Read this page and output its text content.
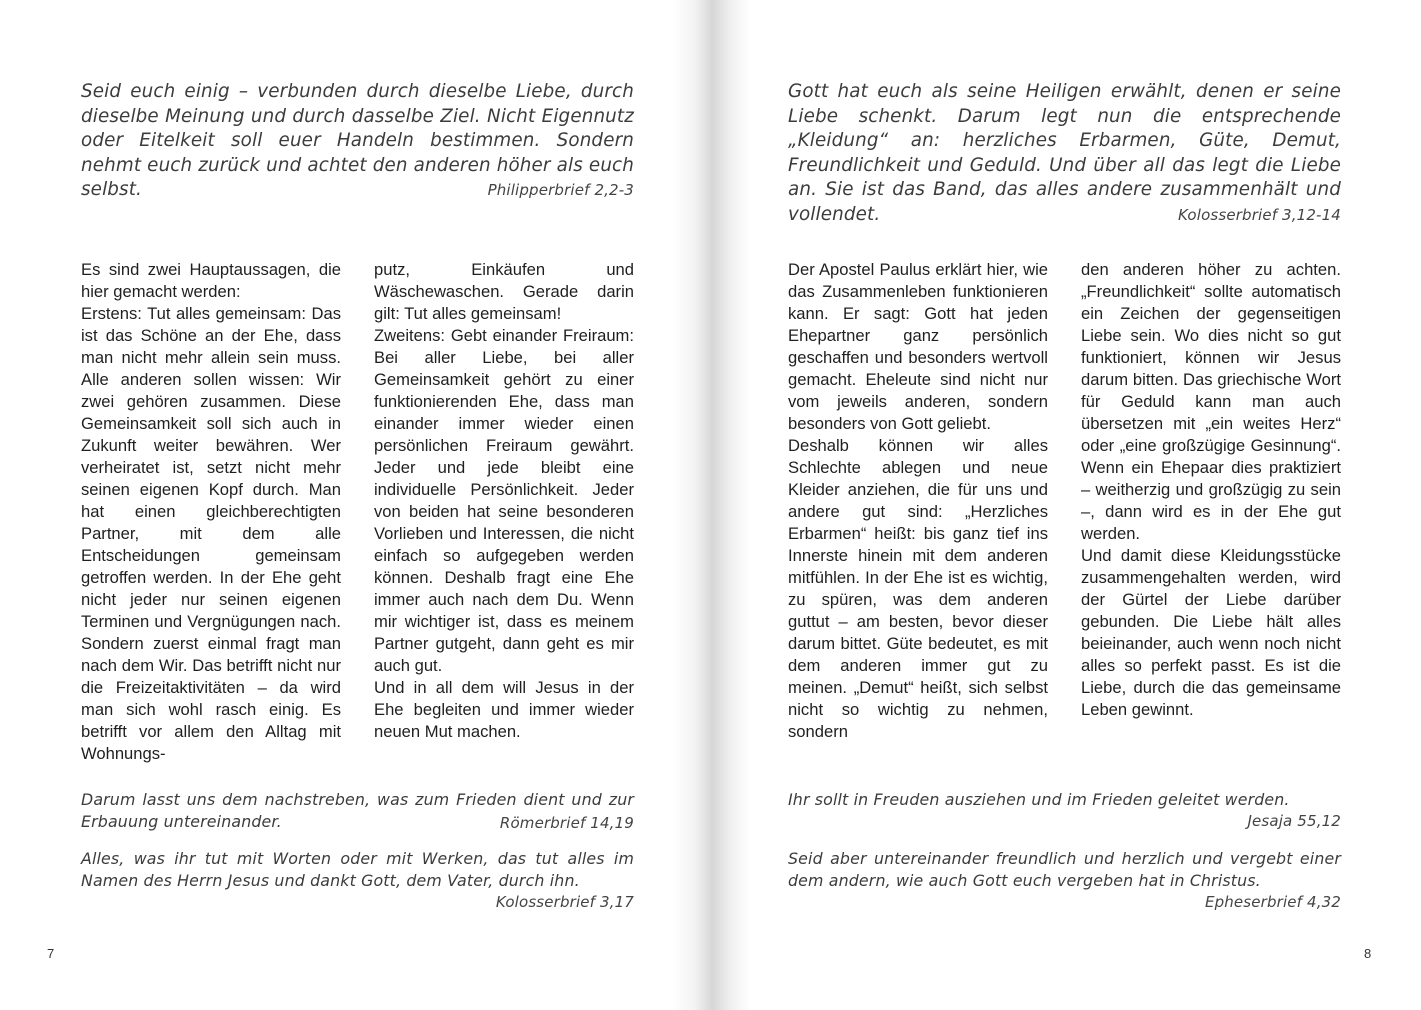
Seid euch einig – verbunden durch dieselbe Liebe, durch dieselbe Meinung und durch dasselbe Ziel. Nicht Eigennutz oder Eitelkeit soll euer Handeln bestimmen. Sondern nehmt euch zurück und achtet den anderen höher als euch selbst.	Philipperbrief 2,2-3

Es sind zwei Hauptaussagen, die hier gemacht werden:

Erstens: Tut alles gemeinsam: Das ist das Schöne an der Ehe, dass man nicht mehr allein sein muss. Alle anderen sollen wissen: Wir zwei gehören zusammen. Diese Gemeinsamkeit soll sich auch in Zukunft weiter bewähren. Wer verheiratet ist, setzt nicht mehr seinen eigenen Kopf durch. Man hat einen gleichberechtigten Partner, mit dem alle Entscheidungen gemeinsam getroffen werden. In der Ehe geht nicht jeder nur seinen eigenen Terminen und Vergnügungen nach. Sondern zuerst einmal fragt man nach dem Wir. Das betrifft nicht nur die Freizeitaktivitäten – da wird man sich wohl rasch einig. Es betrifft vor allem den Alltag mit Wohnungs-

putz, Einkäufen und Wäschewaschen. Gerade darin gilt: Tut alles gemeinsam!

Zweitens: Gebt einander Freiraum: Bei aller Liebe, bei aller Gemeinsamkeit gehört zu einer funktionierenden Ehe, dass man einander immer wieder einen persönlichen Freiraum gewährt. Jeder und jede bleibt eine individuelle Persönlichkeit. Jeder von beiden hat seine besonderen Vorlieben und Interessen, die nicht einfach so aufgegeben werden können. Deshalb fragt eine Ehe immer auch nach dem Du. Wenn mir wichtiger ist, dass es meinem Partner gutgeht, dann geht es mir auch gut.

Und in all dem will Jesus in der Ehe begleiten und immer wieder neuen Mut machen.

Darum lasst uns dem nachstreben, was zum Frieden dient und zur Erbauung untereinander.	Römerbrief 14,19
Alles, was ihr tut mit Worten oder mit Werken, das tut alles im Namen des Herrn Jesus und dankt Gott, dem Vater, durch ihn.
Kolosserbrief 3,17
7
Gott hat euch als seine Heiligen erwählt, denen er seine Liebe schenkt. Darum legt nun die entsprechende „Kleidung“ an: herzliches Erbarmen, Güte, Demut, Freundlichkeit und Geduld. Und über all das legt die Liebe an. Sie ist das Band, das alles andere zusammenhält und vollendet.	Kolosserbrief 3,12-14

Der Apostel Paulus erklärt hier, wie das Zusammenleben funktionieren kann. Er sagt: Gott hat jeden Ehepartner ganz persönlich geschaffen und besonders wertvoll gemacht. Eheleute sind nicht nur vom jeweils anderen, sondern besonders von Gott geliebt.

Deshalb können wir alles Schlechte ablegen und neue Kleider anziehen, die für uns und andere gut sind: „Herzliches Erbarmen“ heißt: bis ganz tief ins Innerste hinein mit dem anderen mitfühlen. In der Ehe ist es wichtig, zu spüren, was dem anderen guttut – am besten, bevor dieser darum bittet. Güte bedeutet, es mit dem anderen immer gut zu meinen. „Demut“ heißt, sich selbst nicht so wichtig zu nehmen, sondern

den anderen höher zu achten. „Freundlichkeit“ sollte automatisch ein Zeichen der gegenseitigen Liebe sein. Wo dies nicht so gut funktioniert, können wir Jesus darum bitten. Das griechische Wort für Geduld kann man auch übersetzen mit „ein weites Herz“ oder „eine großzügige Gesinnung“. Wenn ein Ehepaar dies praktiziert – weitherzig und großzügig zu sein –, dann wird es in der Ehe gut werden.

Und damit diese Kleidungsstücke zusammengehalten werden, wird der Gürtel der Liebe darüber gebunden. Die Liebe hält alles beieinander, auch wenn noch nicht alles so perfekt passt. Es ist die Liebe, durch die das gemeinsame Leben gewinnt.

Ihr sollt in Freuden ausziehen und im Frieden geleitet werden.
Jesaja 55,12
Seid aber untereinander freundlich und herzlich und vergebt einer dem andern, wie auch Gott euch vergeben hat in Christus.
Epheserbrief 4,32
8
